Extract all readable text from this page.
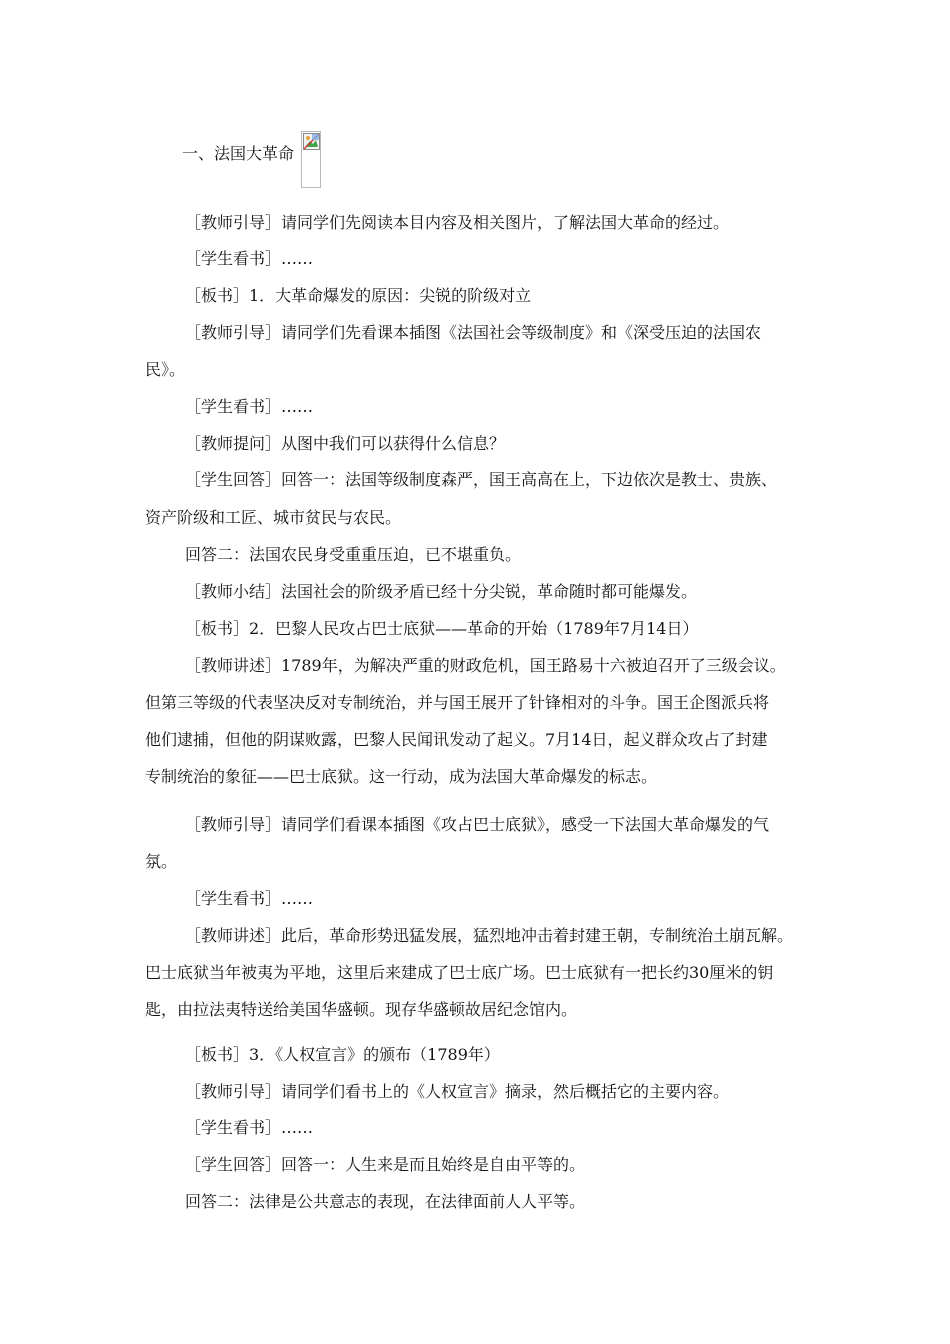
一、法国大革命
［教师引导］请同学们先阅读本目内容及相关图片，了解法国大革命的经过。
［学生看书］……
［板书］1．大革命爆发的原因：尖锐的阶级对立
［教师引导］请同学们先看课本插图《法国社会等级制度》和《深受压迫的法国农
民》。
［学生看书］……
［教师提问］从图中我们可以获得什么信息？
［学生回答］回答一：法国等级制度森严，国王高高在上，下边依次是教士、贵族、
资产阶级和工匠、城市贫民与农民。
回答二：法国农民身受重重压迫，已不堪重负。
［教师小结］法国社会的阶级矛盾已经十分尖锐，革命随时都可能爆发。
［板书］2．巴黎人民攻占巴士底狱——革命的开始（1789年7月14日）
［教师讲述］1789年，为解决严重的财政危机，国王路易十六被迫召开了三级会议。
但第三等级的代表坚决反对专制统治，并与国王展开了针锋相对的斗争。国王企图派兵将
他们逮捕，但他的阴谋败露，巴黎人民闻讯发动了起义。7月14日，起义群众攻占了封建
专制统治的象征——巴士底狱。这一行动，成为法国大革命爆发的标志。
［教师引导］请同学们看课本插图《攻占巴士底狱》，感受一下法国大革命爆发的气
氛。
［学生看书］……
［教师讲述］此后，革命形势迅猛发展，猛烈地冲击着封建王朝，专制统治土崩瓦解。
巴士底狱当年被夷为平地，这里后来建成了巴士底广场。巴士底狱有一把长约30厘米的钥
匙，由拉法夷特送给美国华盛顿。现存华盛顿故居纪念馆内。
［板书］3．《人权宣言》的颁布（1789年）
［教师引导］请同学们看书上的《人权宣言》摘录，然后概括它的主要内容。
［学生看书］……
［学生回答］回答一：人生来是而且始终是自由平等的。
回答二：法律是公共意志的表现，在法律面前人人平等。
